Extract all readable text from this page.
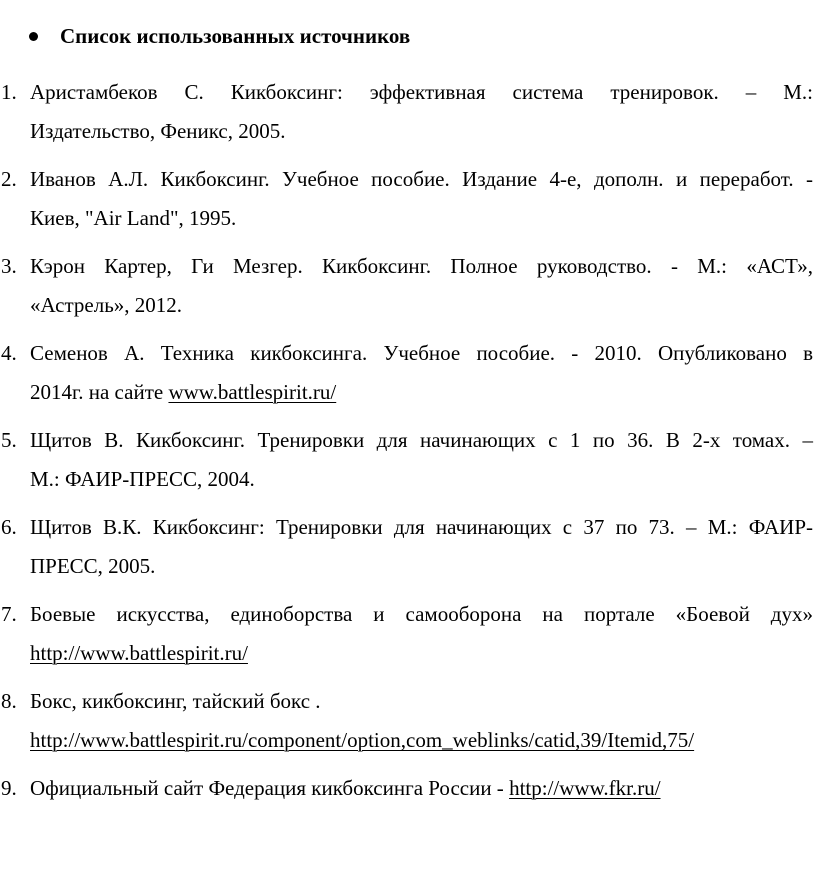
Список использованных источников
1. Аристамбеков С. Кикбоксинг: эффективная система тренировок. – М.:
Издательство, Феникс, 2005.
2. Иванов А.Л. Кикбоксинг. Учебное пособие. Издание 4-е, дополн. и переработ. -
Киев, "Air Land", 1995.
3. Кэрон Картер, Ги Мезгер. Кикбоксинг. Полное руководство. - М.: «АСТ»,
«Астрель», 2012.
4. Семенов А. Техника кикбоксинга. Учебное пособие. - 2010. Опубликовано в
2014г. на сайте www.battlespirit.ru/
5. Щитов В. Кикбоксинг. Тренировки для начинающих с 1 по 36. В 2-х томах. –
М.: ФАИР-ПРЕСС, 2004.
6. Щитов В.К. Кикбоксинг: Тренировки для начинающих с 37 по 73. – М.: ФАИР-
ПРЕСС, 2005.
7. Боевые искусства, единоборства и самооборона на портале «Боевой дух»
http://www.battlespirit.ru/
8. Бокс, кикбоксинг, тайский бокс .
http://www.battlespirit.ru/component/option,com_weblinks/catid,39/Itemid,75/
9. Официальный сайт Федерация кикбоксинга России - http://www.fkr.ru/
